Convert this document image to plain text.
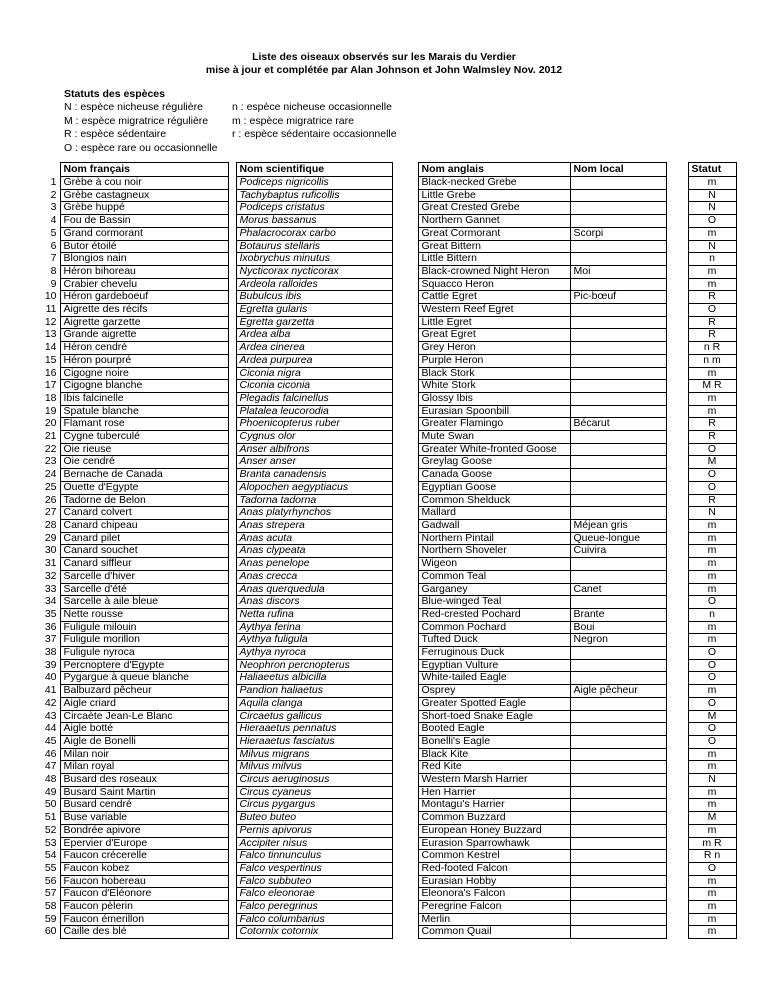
Liste des oiseaux observés sur les Marais du Verdier
mise à jour et complétée par Alan Johnson et John Walmsley Nov. 2012
Statuts des espèces
N : espèce nicheuse régulière
M : espèce migratrice régulière
R : espèce sédentaire
O : espèce rare ou occasionnelle
n : espèce nicheuse occasionnelle
m : espèce migratrice rare
r : espèce sédentaire occasionnelle
	Nom français		Nom scientifique		Nom anglais	Nom local		Statut
1	Grèbe à cou noir		Podiceps nigricollis		Black-necked Grebe			m
2	Grèbe castagneux		Tachybaptus ruficollis		Little Grebe			N
3	Grèbe huppé		Podiceps cristatus		Great Crested Grebe			N
4	Fou de Bassin		Morus bassanus		Northern Gannet			O
5	Grand cormorant		Phalacrocorax carbo		Great Cormorant	Scorpi		m
6	Butor étoilé		Botaurus stellaris		Great Bittern			N
7	Blongios nain		Ixobrychus minutus		Little Bittern			n
8	Héron bihoreau		Nycticorax nycticorax		Black-crowned Night Heron	Moi		m
9	Crabier chevelu		Ardeola ralloides		Squacco Heron			m
10	Héron gardeboeuf		Bubulcus ibis		Cattle Egret	Pic-bœuf		R
11	Aigrette des récifs		Egretta gularis		Western Reef Egret			O
12	Aigrette garzette		Egretta garzetta		Little Egret			R
13	Grande aigrette		Ardea alba		Great Egret			R
14	Héron cendré		Ardea cinerea		Grey Heron			n R
15	Héron pourpré		Ardea purpurea		Purple Heron			n m
16	Cigogne noire		Ciconia nigra		Black Stork			m
17	Cigogne blanche		Ciconia ciconia		White Stork			M R
18	Ibis falcinelle		Plegadis falcinellus		Glossy Ibis			m
19	Spatule blanche		Platalea leucorodia		Eurasian Spoonbill			m
20	Flamant rose		Phoenicopterus ruber		Greater Flamingo	Bécarut		R
21	Cygne tuberculé		Cygnus olor		Mute Swan			R
22	Oie rieuse		Anser albifrons		Greater White-fronted Goose			O
23	Oie cendré		Anser anser		Greylag Goose			M
24	Bernache de Canada		Branta canadensis		Canada Goose			O
25	Ouette d'Egypte		Alopochen aegyptiacus		Egyptian Goose			O
26	Tadorne de Belon		Tadorna tadorna		Common Shelduck			R
27	Canard colvert		Anas platyrhynchos		Mallard			N
28	Canard chipeau		Anas strepera		Gadwall	Méjean gris		m
29	Canard pilet		Anas acuta		Northern Pintail	Queue-longue		m
30	Canard souchet		Anas clypeata		Northern Shoveler	Cuivira		m
31	Canard siffleur		Anas penelope		Wigeon			m
32	Sarcelle d'hiver		Anas crecca		Common Teal			m
33	Sarcelle d'été		Anas querquedula		Garganey	Canet		m
34	Sarcelle à aile bleue		Anas discors		Blue-winged Teal			O
35	Nette rousse		Netta rufina		Red-crested Pochard	Brante		n
36	Fuligule milouin		Aythya ferina		Common Pochard	Boui		m
37	Fuligule morillon		Aythya fuligula		Tufted Duck	Negron		m
38	Fuligule nyroca		Aythya nyroca		Ferruginous Duck			O
39	Percnoptere d'Egypte		Neophron percnopterus		Egyptian Vulture			O
40	Pygargue à queue blanche		Haliaeetus albicilla		White-tailed Eagle			O
41	Balbuzard pêcheur		Pandion haliaetus		Osprey	Aigle pêcheur		m
42	Aigle criard		Aquila clanga		Greater Spotted Eagle			O
43	Circaète Jean-Le Blanc		Circaetus gallicus		Short-toed Snake Eagle			M
44	Aigle botté		Hieraaetus pennatus		Booted Eagle			O
45	Aigle de Bonelli		Hieraaetus fasciatus		Bonelli's Eagle			O
46	Milan noir		Milvus migrans		Black Kite			m
47	Milan royal		Milvus milvus		Red Kite			m
48	Busard des roseaux		Circus aeruginosus		Western Marsh Harrier			N
49	Busard Saint Martin		Circus cyaneus		Hen Harrier			m
50	Busard cendré		Circus pygargus		Montagu's Harrier			m
51	Buse variable		Buteo buteo		Common Buzzard			M
52	Bondrée apivore		Pernis apivorus		European Honey Buzzard			m
53	Epervier d'Europe		Accipiter nisus		Eurasion Sparrowhawk			m R
54	Faucon crécerelle		Falco tinnunculus		Common Kestrel			R n
55	Faucon kobez		Falco vespertinus		Red-footed Falcon			O
56	Faucon hobereau		Falco subbuteo		Eurasian Hobby			m
57	Faucon d'Eléonore		Falco eleonorae		Eleonora's Falcon			m
58	Faucon pèlerin		Falco peregrinus		Peregrine Falcon			m
59	Faucon émerillon		Falco columbarius		Merlin			m
60	Caille des blé		Cotornix cotornix		Common Quail			m
